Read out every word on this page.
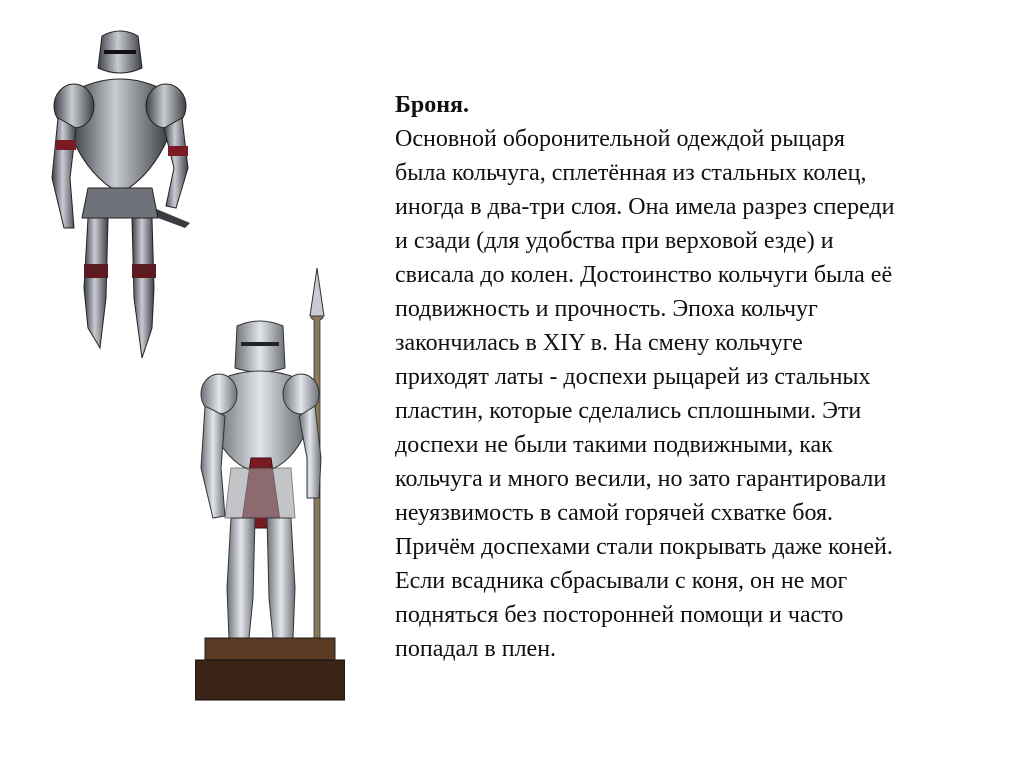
Броня.
Основной оборонительной одеждой рыцаря
была кольчуга, сплетённая из стальных колец,
иногда в два-три слоя. Она имела разрез спереди
и сзади (для удобства при верховой езде) и
свисала до колен. Достоинство кольчуги была её
подвижность и прочность. Эпоха кольчуг
закончилась в XIY в. На смену кольчуге
приходят латы - доспехи рыцарей из стальных
пластин, которые сделались сплошными. Эти
доспехи не были такими подвижными, как
кольчуга и много весили, но зато гарантировали
неуязвимость в самой горячей схватке боя.
Причём доспехами стали покрывать даже коней.
Если всадника сбрасывали с коня, он не мог
подняться без посторонней помощи и часто
попадал в плен.
